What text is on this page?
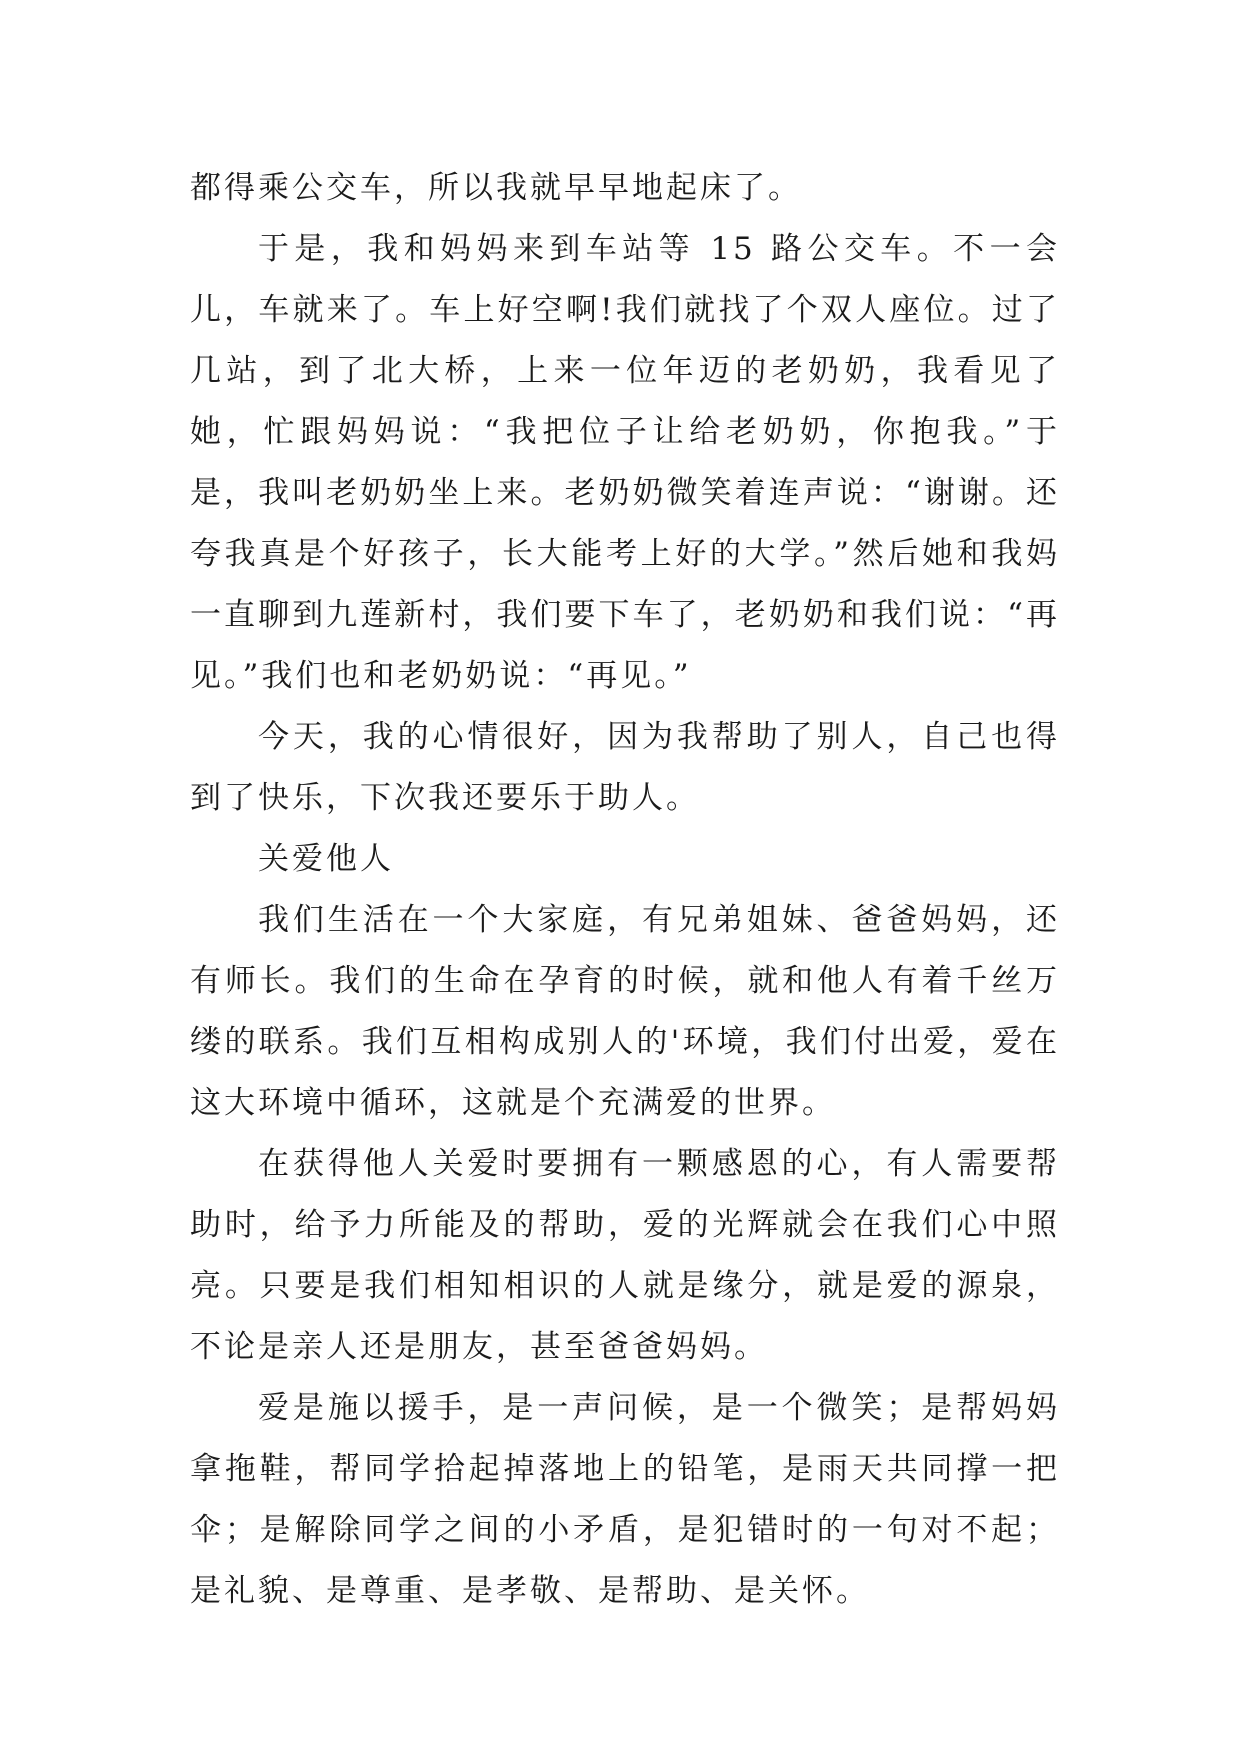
都得乘公交车，所以我就早早地起床了。

于是，我和妈妈来到车站等 15 路公交车。不一会儿，车就来了。车上好空啊!我们就找了个双人座位。过了几站，到了北大桥，上来一位年迈的老奶奶，我看见了她，忙跟妈妈说：“我把位子让给老奶奶，你抱我。”于是，我叫老奶奶坐上来。老奶奶微笑着连声说：“谢谢。还夸我真是个好孩子，长大能考上好的大学。”然后她和我妈一直聊到九莲新村，我们要下车了，老奶奶和我们说：“再见。”我们也和老奶奶说：“再见。”

今天，我的心情很好，因为我帮助了别人，自己也得到了快乐，下次我还要乐于助人。

关爱他人

我们生活在一个大家庭，有兄弟姐妹、爸爸妈妈，还有师长。我们的生命在孕育的时候，就和他人有着千丝万缕的联系。我们互相构成别人的'环境，我们付出爱，爱在这大环境中循环，这就是个充满爱的世界。

在获得他人关爱时要拥有一颗感恩的心，有人需要帮助时，给予力所能及的帮助，爱的光辉就会在我们心中照亮。只要是我们相知相识的人就是缘分，就是爱的源泉，不论是亲人还是朋友，甚至爸爸妈妈。

爱是施以援手，是一声问候，是一个微笑；是帮妈妈拿拖鞋，帮同学拾起掉落地上的铅笔，是雨天共同撑一把伞；是解除同学之间的小矛盾，是犯错时的一句对不起；是礼貌、是尊重、是孝敬、是帮助、是关怀。
